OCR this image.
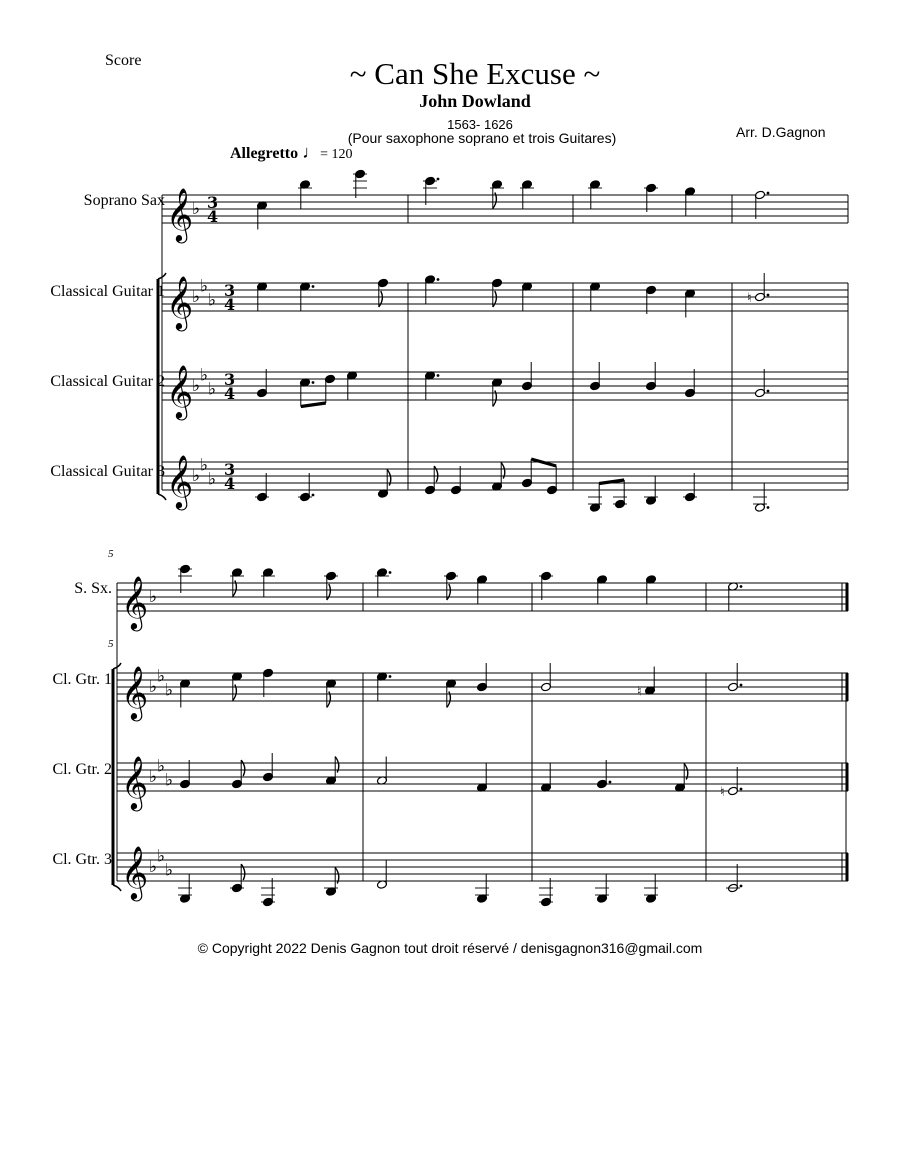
Score	~ Can She Excuse ~
John Dowland
1563- 1626
(Pour saxophone soprano et trois Guitares)	Arr. D.Gagnon
Allegretto ♩= 120
Soprano Sax
Classical Guitar 1
Classical Guitar 2
Classical Guitar 3
S. Sx.
Cl. Gtr. 1
Cl. Gtr. 2
Cl. Gtr. 3
5
5
𝄞
♭ 3
4
𝄞
♭
♭
♭ 3
4
𝄞
♭
♭
♭ 3
4
𝄞
♭
♭
♭ 3
4
𝄞 ♭
𝄞 ♭
♭
♭
𝄞 ♭
♭
♭
𝄞 ♭
♭
♭
♮
♮
♮
© Copyright 2022 Denis Gagnon tout droit réservé / denisgagnon316@gmail.com
